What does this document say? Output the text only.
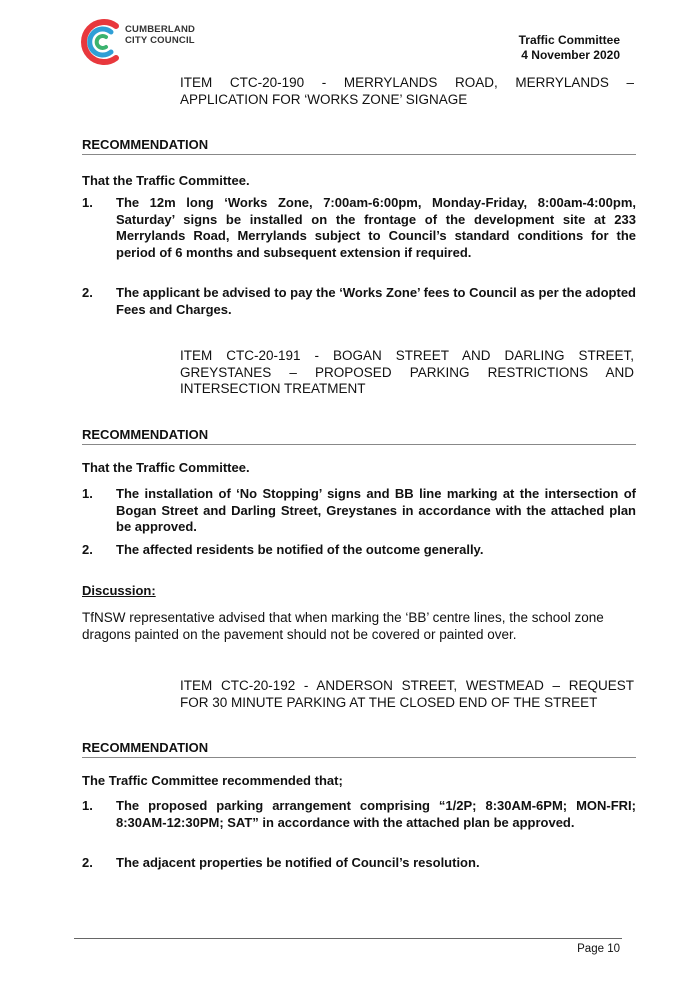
CUMBERLAND
CITY COUNCIL	Traffic Committee
4 November 2020
ITEM CTC-20-190 - MERRYLANDS ROAD, MERRYLANDS –
APPLICATION FOR ‘WORKS ZONE’ SIGNAGE
RECOMMENDATION
That the Traffic Committee.
1. The 12m long ‘Works Zone, 7:00am-6:00pm, Monday-Friday, 8:00am-4:00pm, Saturday’ signs be installed on the frontage of the development site at 233 Merrylands Road, Merrylands subject to Council’s standard conditions for the period of 6 months and subsequent extension if required.
2. The applicant be advised to pay the ‘Works Zone’ fees to Council as per the adopted Fees and Charges.
ITEM CTC-20-191 - BOGAN STREET AND DARLING STREET, GREYSTANES – PROPOSED PARKING RESTRICTIONS AND
INTERSECTION TREATMENT
RECOMMENDATION
That the Traffic Committee.
1. The installation of ‘No Stopping’ signs and BB line marking at the intersection of Bogan Street and Darling Street, Greystanes in accordance with the attached plan be approved.
2. The affected residents be notified of the outcome generally.
Discussion:
TfNSW representative advised that when marking the ‘BB’ centre lines, the school zone dragons painted on the pavement should not be covered or painted over.
ITEM CTC-20-192 - ANDERSON STREET, WESTMEAD – REQUEST
FOR 30 MINUTE PARKING AT THE CLOSED END OF THE STREET
RECOMMENDATION
The Traffic Committee recommended that;
1. The proposed parking arrangement comprising “1/2P; 8:30AM-6PM; MON-FRI; 8:30AM-12:30PM; SAT” in accordance with the attached plan be approved.
2. The adjacent properties be notified of Council’s resolution.
Page 10
